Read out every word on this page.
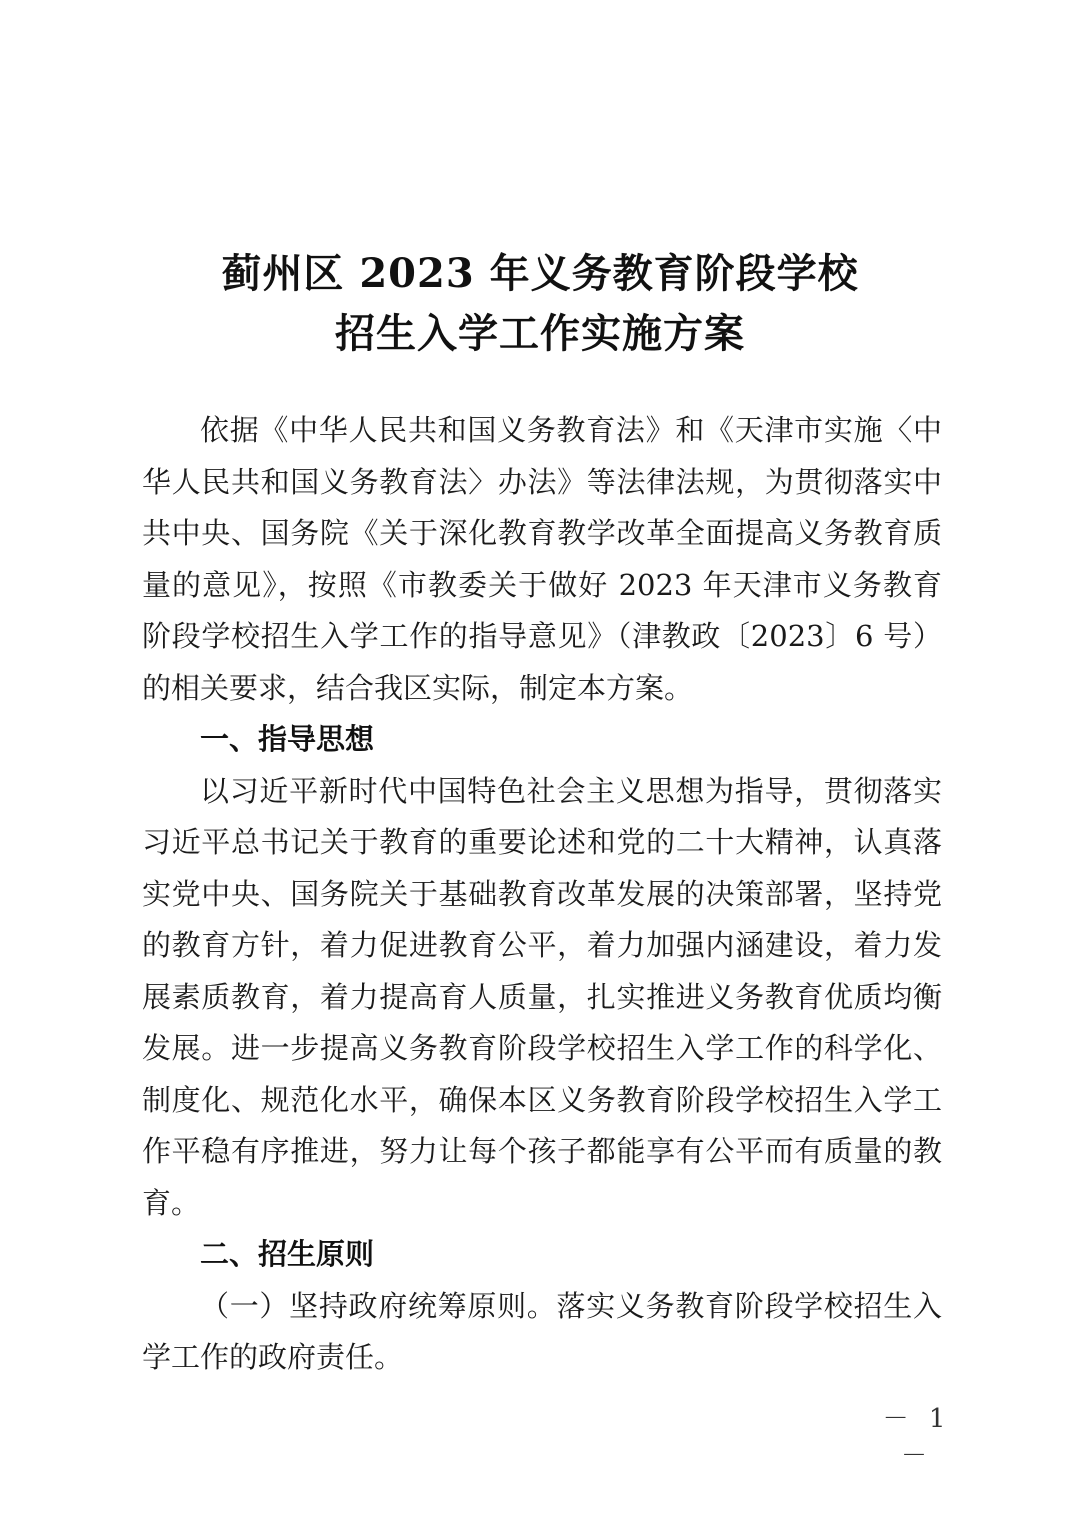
蓟州区 2023 年义务教育阶段学校
招生入学工作实施方案

依据《中华人民共和国义务教育法》和《天津市实施〈中华人民共和国义务教育法〉办法》等法律法规，为贯彻落实中共中央、国务院《关于深化教育教学改革全面提高义务教育质量的意见》，按照《市教委关于做好 2023 年天津市义务教育阶段学校招生入学工作的指导意见》（津教政〔2023〕6 号）的相关要求，结合我区实际，制定本方案。

一、指导思想

以习近平新时代中国特色社会主义思想为指导，贯彻落实习近平总书记关于教育的重要论述和党的二十大精神，认真落实党中央、国务院关于基础教育改革发展的决策部署，坚持党的教育方针，着力促进教育公平，着力加强内涵建设，着力发展素质教育，着力提高育人质量，扎实推进义务教育优质均衡发展。进一步提高义务教育阶段学校招生入学工作的科学化、制度化、规范化水平，确保本区义务教育阶段学校招生入学工作平稳有序推进，努力让每个孩子都能享有公平而有质量的教育。

二、招生原则

（一）坚持政府统筹原则。落实义务教育阶段学校招生入学工作的政府责任。

－ 1 －
